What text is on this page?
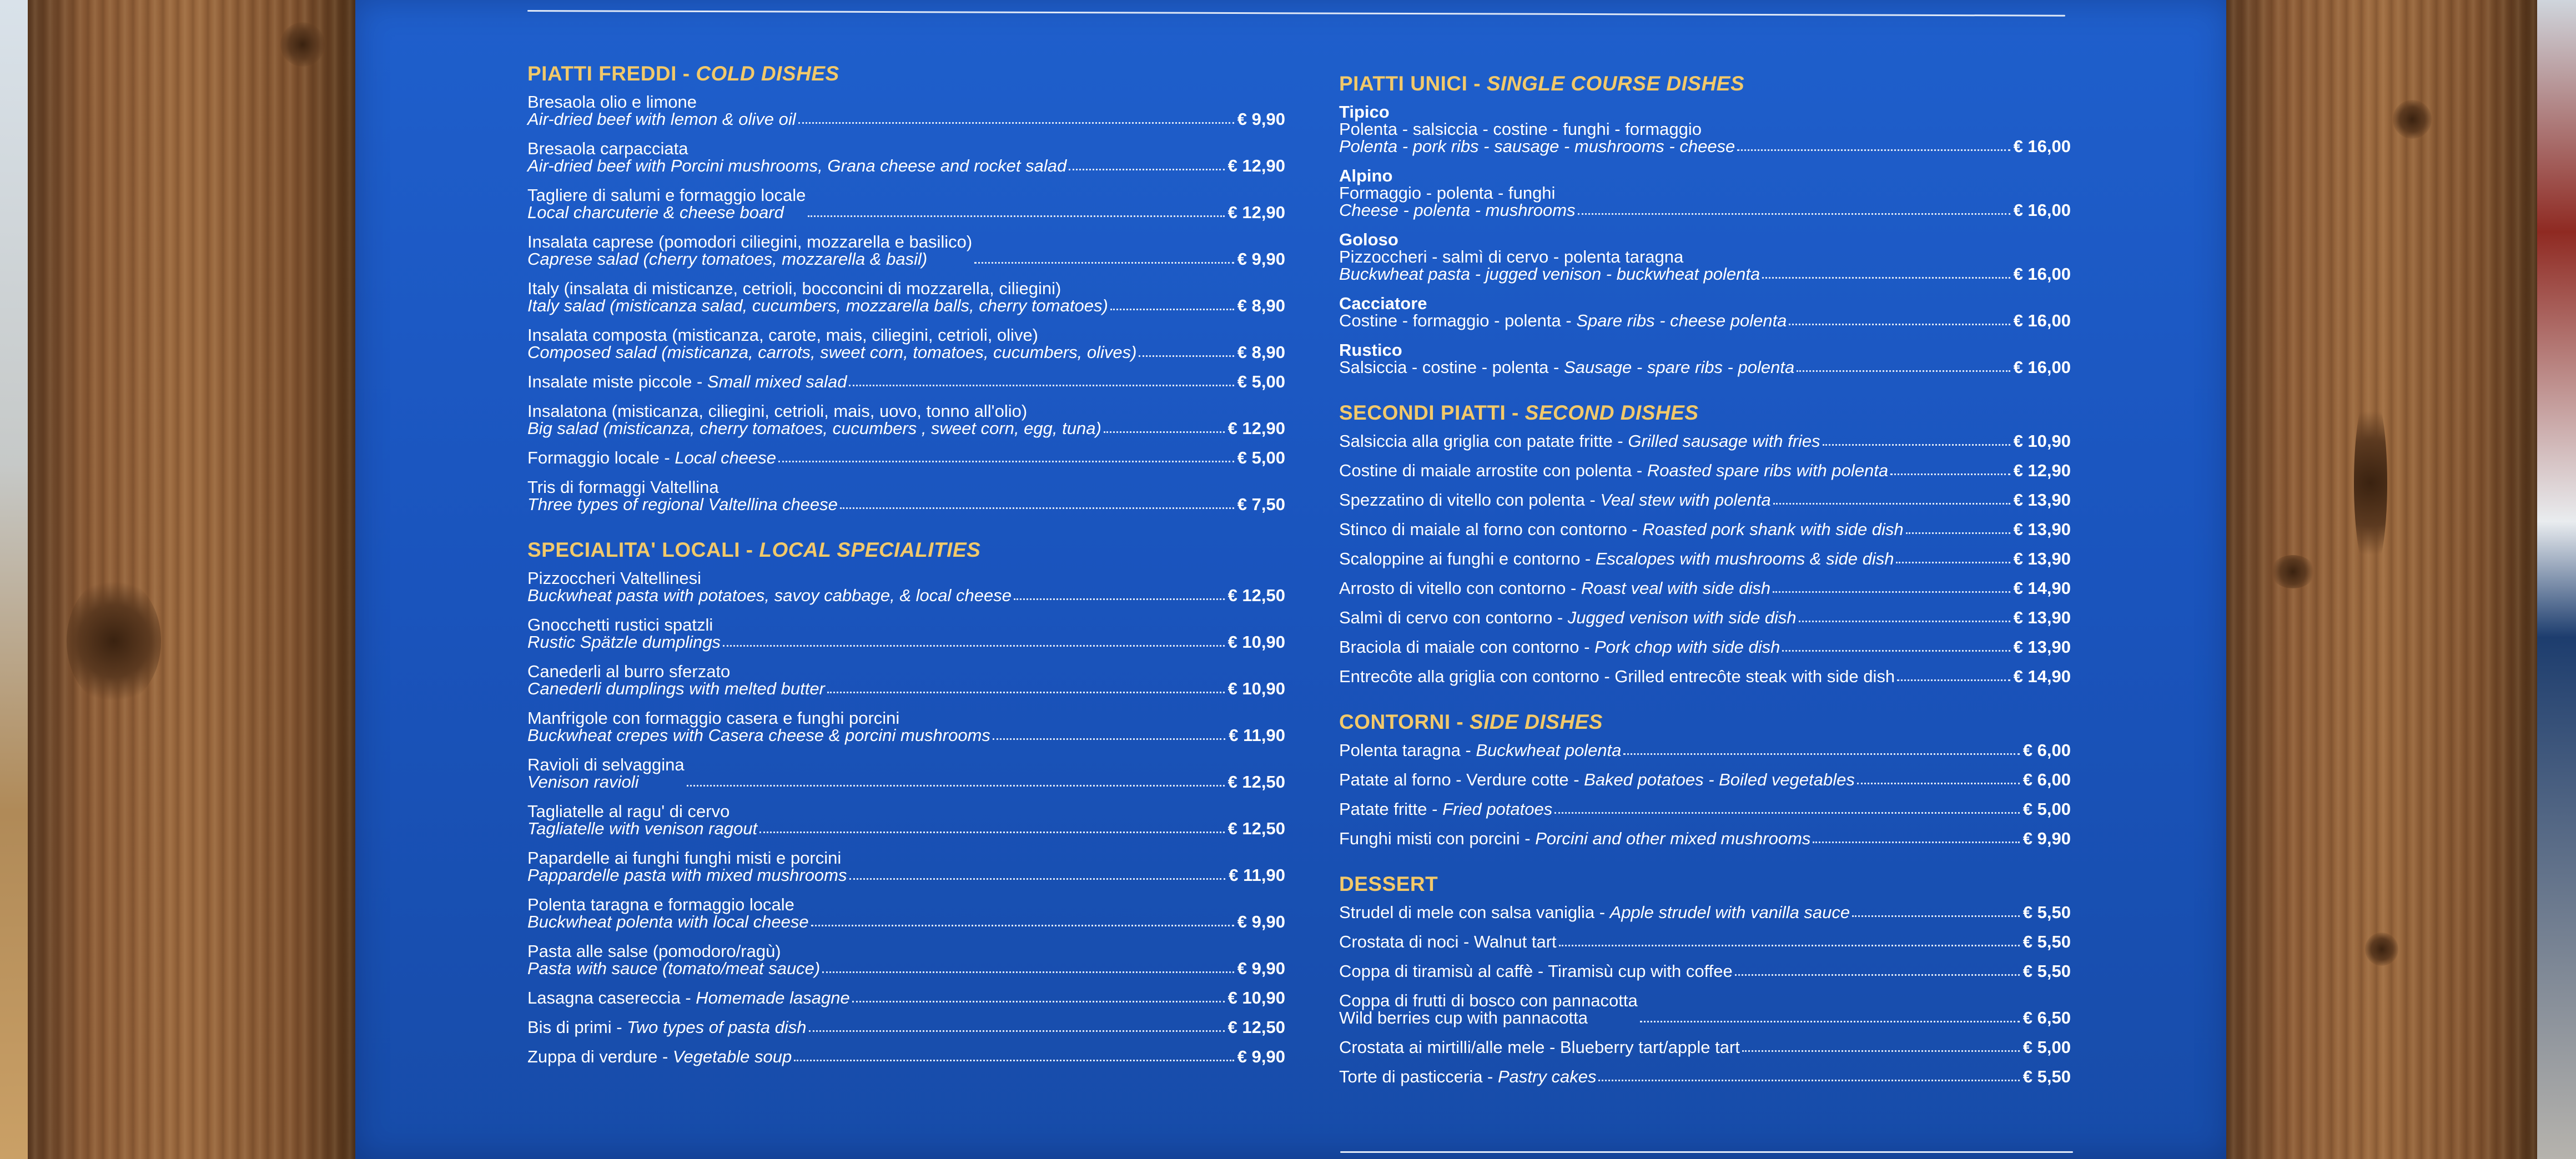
PIATTI FREDDI - COLD DISHES
Bresaola olio e limone
Air-dried beef with lemon & olive oil	€ 9,90
Bresaola carpacciata
Air-dried beef with Porcini mushrooms, Grana cheese and rocket salad	€ 12,90
Tagliere di salumi e formaggio locale
Local charcuterie & cheese board	€ 12,90
Insalata caprese (pomodori ciliegini, mozzarella e basilico)
Caprese salad (cherry tomatoes, mozzarella & basil)	€ 9,90
Italy (insalata di misticanze, cetrioli, bocconcini di mozzarella, ciliegini)
Italy salad (misticanza salad, cucumbers, mozzarella balls, cherry tomatoes)	€ 8,90
Insalata composta (misticanza, carote, mais, ciliegini, cetrioli, olive)
Composed salad (misticanza, carrots, sweet corn, tomatoes, cucumbers, olives)	€ 8,90
Insalate miste piccole - Small mixed salad	€ 5,00
Insalatona (misticanza, ciliegini, cetrioli, mais, uovo, tonno all'olio)
Big salad (misticanza, cherry tomatoes, cucumbers , sweet corn, egg, tuna)	€ 12,90
Formaggio locale - Local cheese	€ 5,00
Tris di formaggi Valtellina
Three types of regional Valtellina cheese	€ 7,50
SPECIALITA' LOCALI - LOCAL SPECIALITIES
Pizzoccheri Valtellinesi
Buckwheat pasta with potatoes, savoy cabbage, & local cheese	€ 12,50
Gnocchetti rustici spatzli
Rustic Spätzle dumplings	€ 10,90
Canederli al burro sferzato
Canederli dumplings with melted butter	€ 10,90
Manfrigole con formaggio casera e funghi porcini
Buckwheat crepes with Casera cheese & porcini mushrooms	€ 11,90
Ravioli di selvaggina
Venison ravioli	€ 12,50
Tagliatelle al ragu' di cervo
Tagliatelle with venison ragout	€ 12,50
Papardelle ai funghi funghi misti e porcini
Pappardelle pasta with mixed mushrooms	€ 11,90
Polenta taragna e formaggio locale
Buckwheat polenta with local cheese	€ 9,90
Pasta alle salse (pomodoro/ragù)
Pasta with sauce (tomato/meat sauce)	€ 9,90
Lasagna casereccia - Homemade lasagne	€ 10,90
Bis di primi - Two types of pasta dish	€ 12,50
Zuppa di verdure - Vegetable soup	€ 9,90
PIATTI UNICI - SINGLE COURSE DISHES
Tipico
Polenta - salsiccia - costine - funghi - formaggio
Polenta - pork ribs - sausage - mushrooms - cheese	€ 16,00
Alpino
Formaggio - polenta - funghi
Cheese - polenta - mushrooms	€ 16,00
Goloso
Pizzoccheri - salmì di cervo - polenta taragna
Buckwheat pasta - jugged venison - buckwheat polenta	€ 16,00
Cacciatore
Costine - formaggio - polenta - Spare ribs - cheese polenta	€ 16,00
Rustico
Salsiccia - costine - polenta - Sausage - spare ribs - polenta	€ 16,00
SECONDI PIATTI - SECOND DISHES
Salsiccia alla griglia con patate fritte - Grilled sausage with fries	€ 10,90
Costine di maiale arrostite con polenta - Roasted spare ribs with polenta	€ 12,90
Spezzatino di vitello con polenta - Veal stew with polenta	€ 13,90
Stinco di maiale al forno con contorno - Roasted pork shank with side dish	€ 13,90
Scaloppine ai funghi e contorno - Escalopes with mushrooms & side dish	€ 13,90
Arrosto di vitello con contorno - Roast veal with side dish	€ 14,90
Salmì di cervo con contorno - Jugged venison with side dish	€ 13,90
Braciola di maiale con contorno - Pork chop with side dish	€ 13,90
Entrecôte alla griglia con contorno - Grilled entrecôte steak with side dish	€ 14,90
CONTORNI - SIDE DISHES
Polenta taragna - Buckwheat polenta	€ 6,00
Patate al forno - Verdure cotte - Baked potatoes - Boiled vegetables	€ 6,00
Patate fritte - Fried potatoes	€ 5,00
Funghi misti con porcini - Porcini and other mixed mushrooms	€ 9,90
DESSERT
Strudel di mele con salsa vaniglia - Apple strudel with vanilla sauce	€ 5,50
Crostata di noci - Walnut tart	€ 5,50
Coppa di tiramisù al caffè - Tiramisù cup with coffee	€ 5,50
Coppa di frutti di bosco con pannacotta
Wild berries cup with pannacotta	€ 6,50
Crostata ai mirtilli/alle mele - Blueberry tart/apple tart	€ 5,00
Torte di pasticceria - Pastry cakes	€ 5,50
